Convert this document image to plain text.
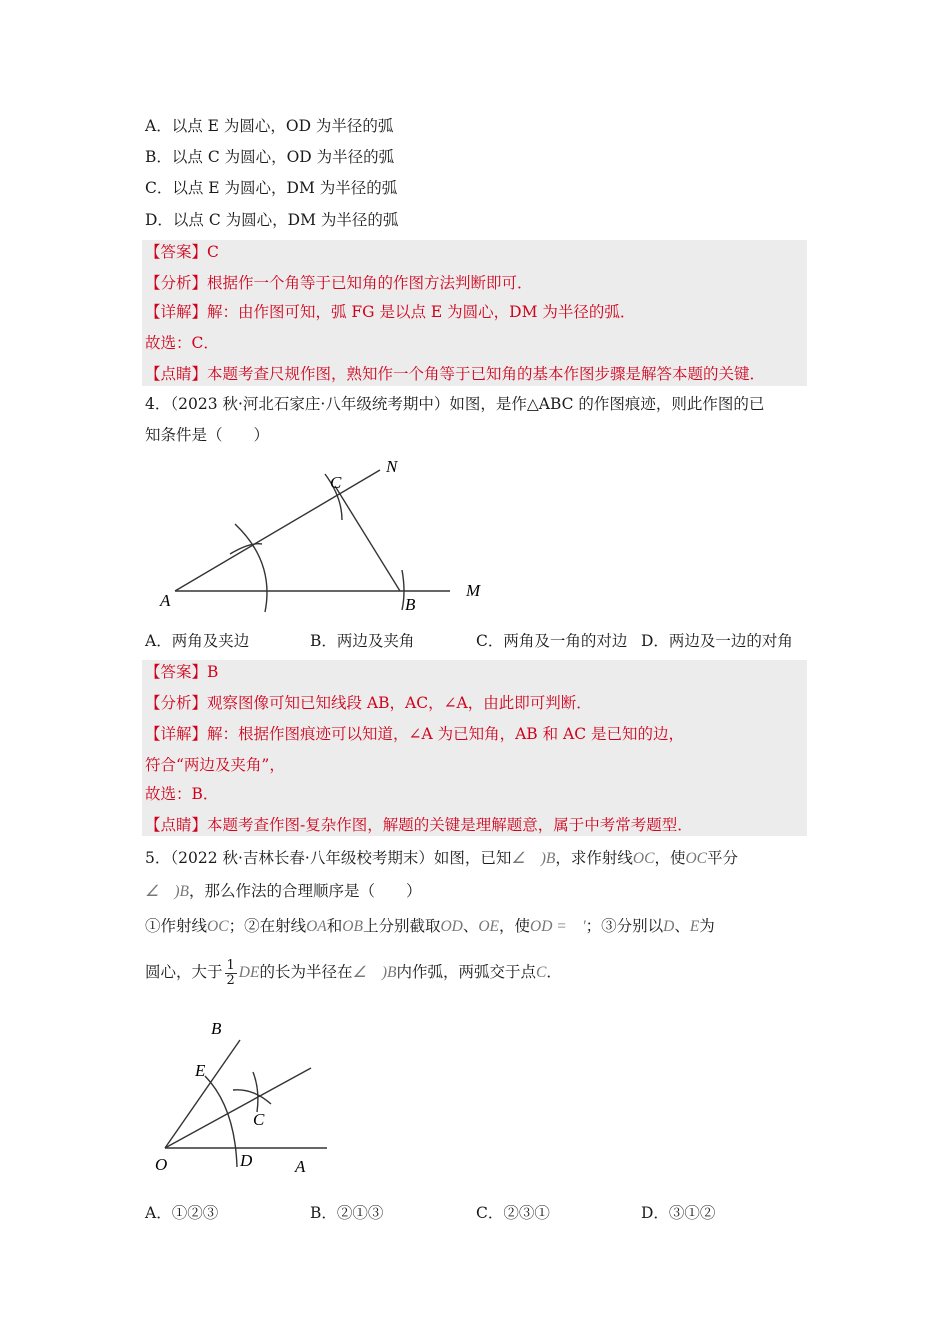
A．以点 E 为圆心，OD 为半径的弧
B．以点 C 为圆心，OD 为半径的弧
C．以点 E 为圆心，DM 为半径的弧
D．以点 C 为圆心，DM 为半径的弧
【答案】C
【分析】根据作一个角等于已知角的作图方法判断即可．
【详解】解：由作图可知，弧 FG 是以点 E 为圆心，DM 为半径的弧．
故选：C．
【点睛】本题考查尺规作图，熟知作一个角等于已知角的基本作图步骤是解答本题的关键．
4．（2023 秋·河北石家庄·八年级统考期中）如图，是作△ABC 的作图痕迹，则此作图的已
知条件是（　　）
A	B
C
M
N
A．两角及夹边	B．两边及夹角	C．两角及一角的对边 D．两边及一边的对角
【答案】B
【分析】观察图像可知已知线段 AB，AC，∠A，由此即可判断．
【详解】解：根据作图痕迹可以知道，∠A 为已知角，AB 和 AC 是已知的边，
符合“两边及夹角”，
故选：B．
【点睛】本题考查作图-复杂作图，解题的关键是理解题意，属于中考常考题型．
5．（2022 秋·吉林长春·八年级校考期末）如图，已知∠　)B，求作射线OC，使OC平分
∠　)B，那么作法的合理顺序是（　　）
①作射线OC；②在射线OA和OB上分别截取OD、OE，使OD =　'；③分别以D、E为
圆心，大于 $\frac{1}{2}$ DE的长为半径在∠　)B内作弧，两弧交于点C．
B
E
C
O	D	A
A．①②③	B．②①③	C．②③①	D．③①②
